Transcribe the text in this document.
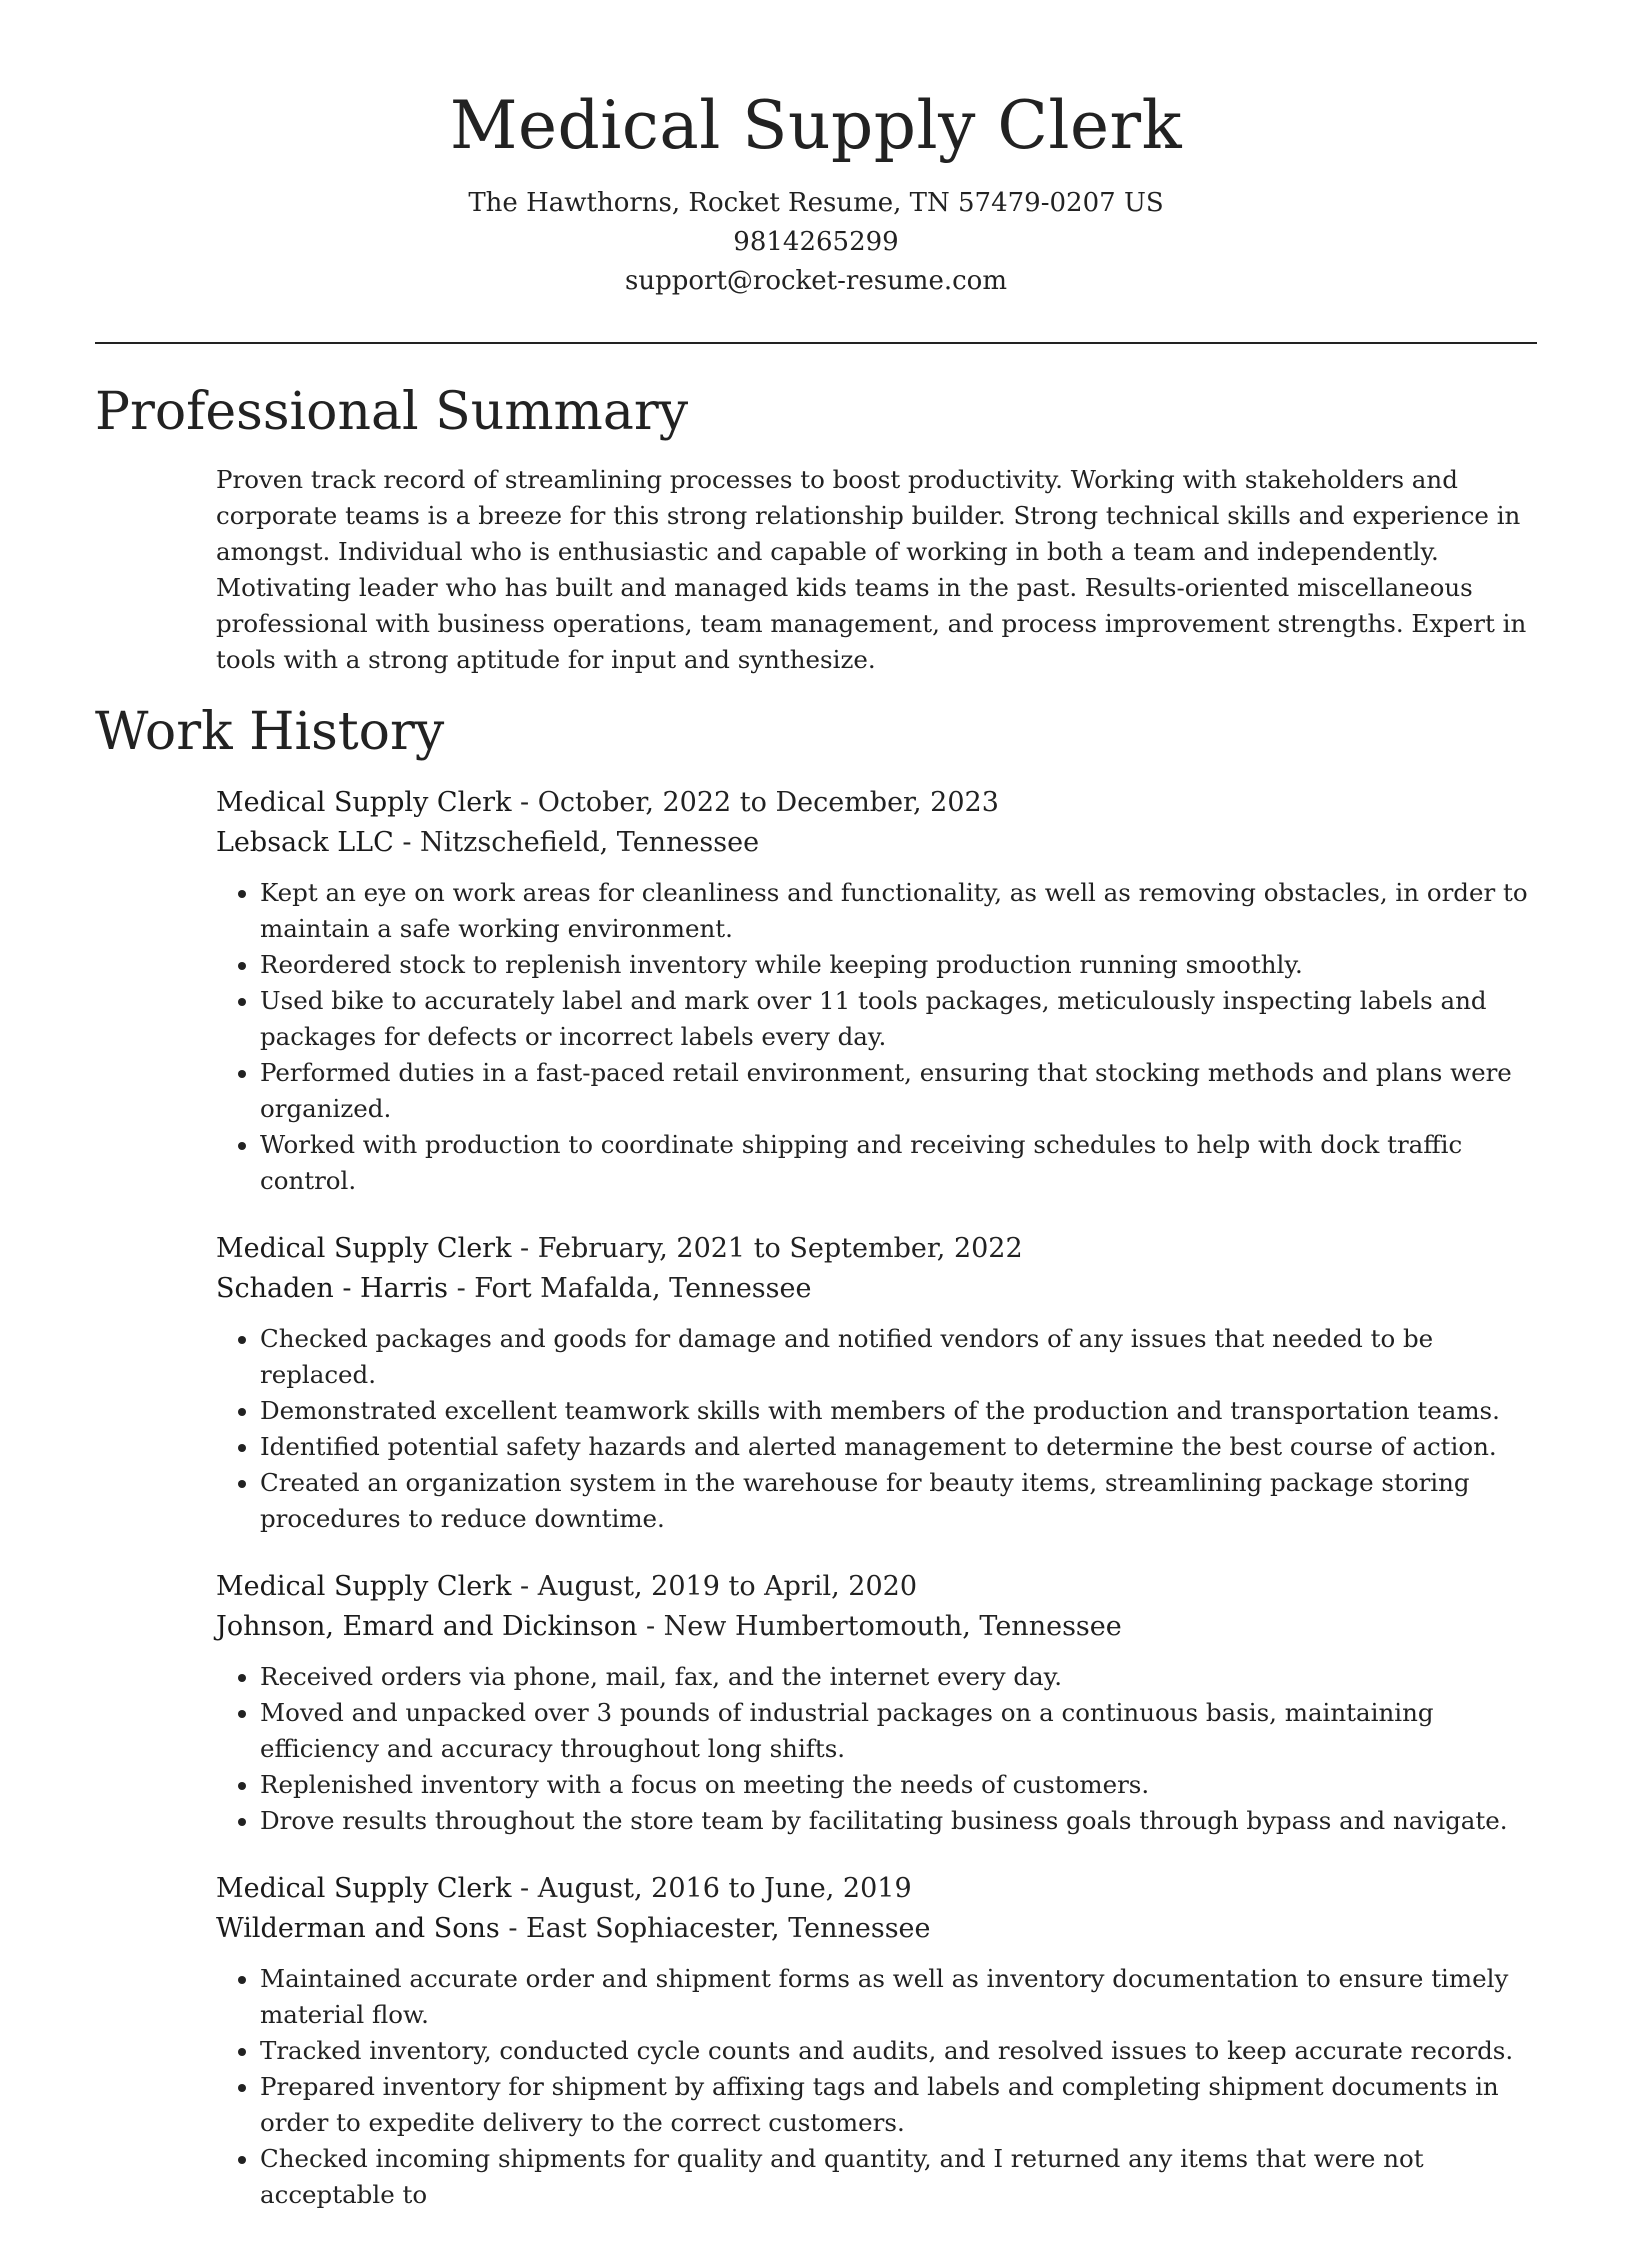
Medical Supply Clerk
The Hawthorns, Rocket Resume, TN 57479-0207 US
9814265299
support@rocket-resume.com
Professional Summary

Proven track record of streamlining processes to boost productivity. Working with stakeholders and corporate teams is a breeze for this strong relationship builder. Strong technical skills and experience in amongst. Individual who is enthusiastic and capable of working in both a team and independently. Motivating leader who has built and managed kids teams in the past. Results-oriented miscellaneous professional with business operations, team management, and process improvement strengths. Expert in tools with a strong aptitude for input and synthesize.

Work History
Medical Supply Clerk - October, 2022 to December, 2023
Lebsack LLC - Nitzschefield, Tennessee
• Kept an eye on work areas for cleanliness and functionality, as well as removing obstacles, in order to maintain a safe working environment.
• Reordered stock to replenish inventory while keeping production running smoothly.
• Used bike to accurately label and mark over 11 tools packages, meticulously inspecting labels and packages for defects or incorrect labels every day.
• Performed duties in a fast-paced retail environment, ensuring that stocking methods and plans were organized.
• Worked with production to coordinate shipping and receiving schedules to help with dock traffic control.
Medical Supply Clerk - February, 2021 to September, 2022
Schaden - Harris - Fort Mafalda, Tennessee
• Checked packages and goods for damage and notified vendors of any issues that needed to be replaced.
• Demonstrated excellent teamwork skills with members of the production and transportation teams.
• Identified potential safety hazards and alerted management to determine the best course of action.
• Created an organization system in the warehouse for beauty items, streamlining package storing procedures to reduce downtime.
Medical Supply Clerk - August, 2019 to April, 2020
Johnson, Emard and Dickinson - New Humbertomouth, Tennessee
• Received orders via phone, mail, fax, and the internet every day.
• Moved and unpacked over 3 pounds of industrial packages on a continuous basis, maintaining efficiency and accuracy throughout long shifts.
• Replenished inventory with a focus on meeting the needs of customers.
• Drove results throughout the store team by facilitating business goals through bypass and navigate.
Medical Supply Clerk - August, 2016 to June, 2019
Wilderman and Sons - East Sophiacester, Tennessee
• Maintained accurate order and shipment forms as well as inventory documentation to ensure timely material flow.
• Tracked inventory, conducted cycle counts and audits, and resolved issues to keep accurate records.
• Prepared inventory for shipment by affixing tags and labels and completing shipment documents in order to expedite delivery to the correct customers.
• Checked incoming shipments for quality and quantity, and I returned any items that were not acceptable to
